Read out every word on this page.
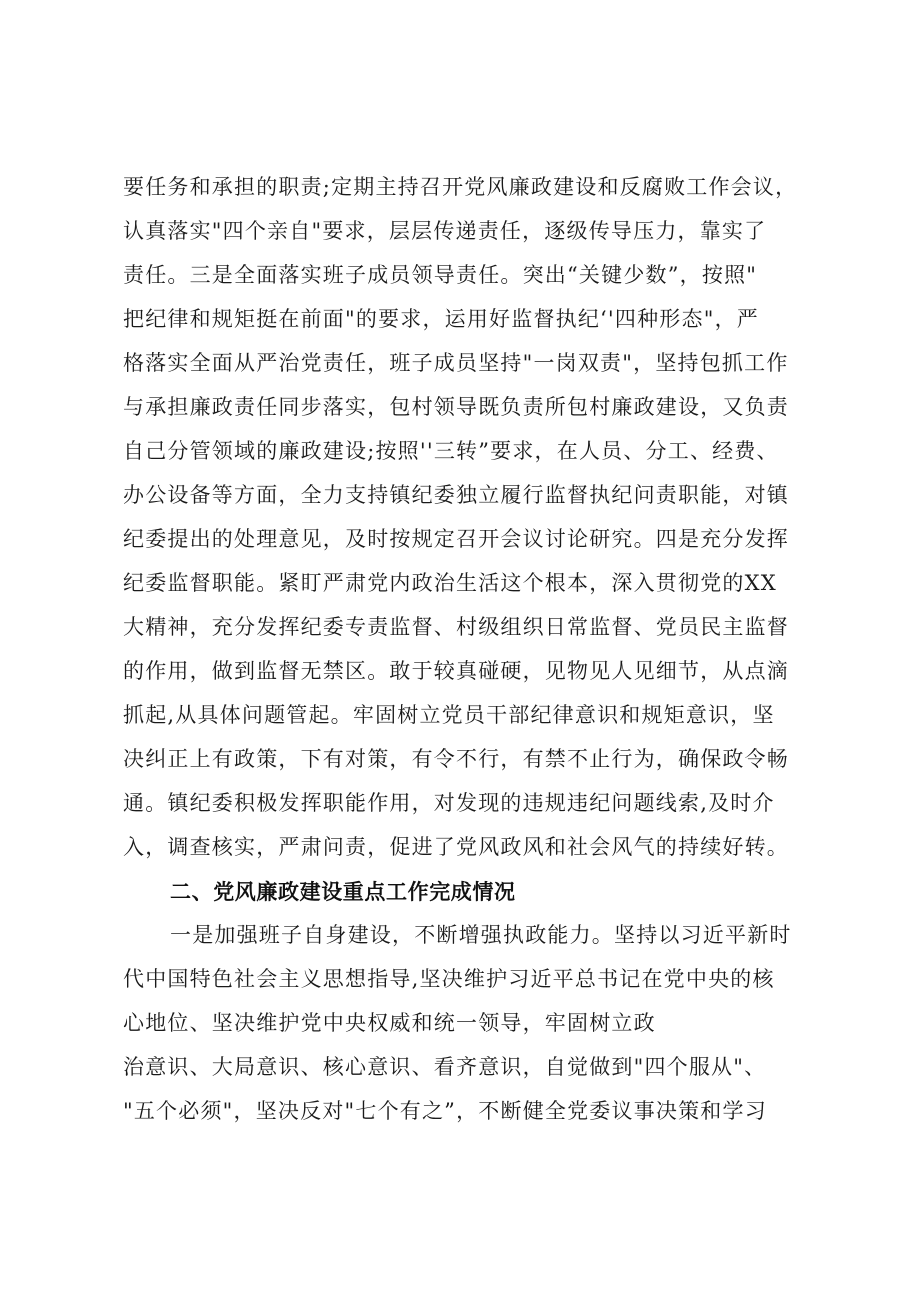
要任务和承担的职责;定期主持召开党风廉政建设和反腐败工作会议，
认真落实"四个亲自"要求，层层传递责任，逐级传导压力，靠实了
责任。三是全面落实班子成员领导责任。突出“关键少数”，按照"
把纪律和规矩挺在前面"的要求，运用好监督执纪‘'四种形态"，严
格落实全面从严治党责任，班子成员坚持"一岗双责"，坚持包抓工作
与承担廉政责任同步落实，包村领导既负责所包村廉政建设，又负责
自己分管领域的廉政建设;按照''三转”要求，在人员、分工、经费、
办公设备等方面，全力支持镇纪委独立履行监督执纪问责职能，对镇
纪委提出的处理意见，及时按规定召开会议讨论研究。四是充分发挥
纪委监督职能。紧盯严肃党内政治生活这个根本，深入贯彻党的XX
大精神，充分发挥纪委专责监督、村级组织日常监督、党员民主监督
的作用，做到监督无禁区。敢于较真碰硬，见物见人见细节，从点滴
抓起,从具体问题管起。牢固树立党员干部纪律意识和规矩意识，坚
决纠正上有政策，下有对策，有令不行，有禁不止行为，确保政令畅
通。镇纪委积极发挥职能作用，对发现的违规违纪问题线索,及时介
入，调查核实，严肃问责，促进了党风政风和社会风气的持续好转。
二、党风廉政建设重点工作完成情况
一是加强班子自身建设，不断增强执政能力。坚持以习近平新时
代中国特色社会主义思想指导,坚决维护习近平总书记在党中央的核
心地位、坚决维护党中央权威和统一领导，牢固树立政
治意识、大局意识、核心意识、看齐意识，自觉做到"四个服从"、
"五个必须"，坚决反对"七个有之”，不断健全党委议事决策和学习
